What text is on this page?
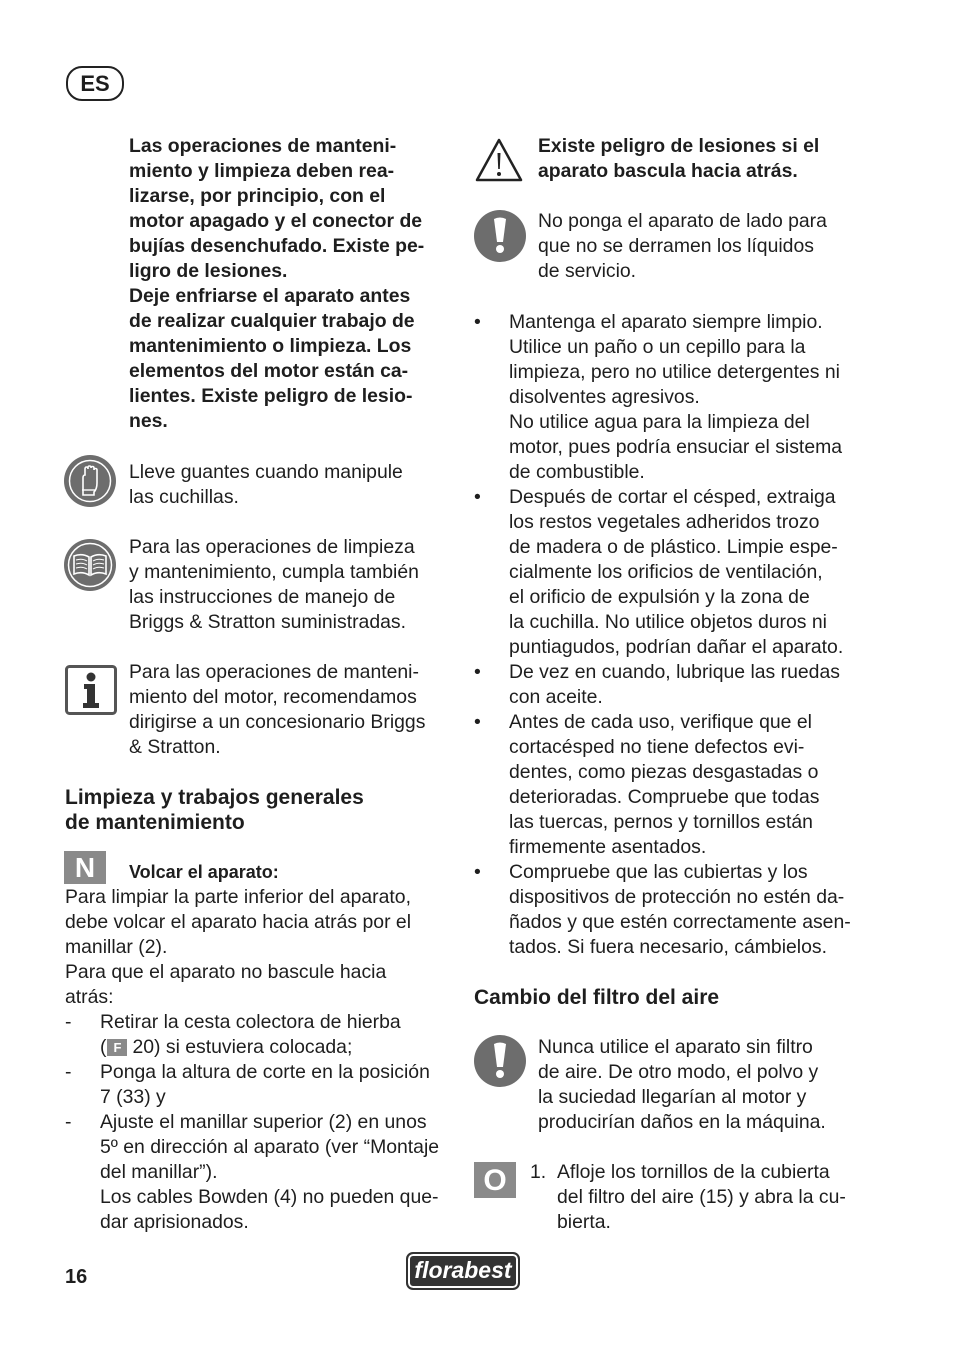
ES
Las operaciones de manteni-
miento y limpieza deben rea-
lizarse, por principio, con el
motor apagado y el conector de
bujías desenchufado. Existe pe-
ligro de lesiones.
Deje enfriarse el aparato antes
de realizar cualquier trabajo de
mantenimiento o limpieza. Los
elementos del motor están ca-
lientes. Existe peligro de lesio-
nes.
Lleve guantes cuando manipule
las cuchillas.
Para las operaciones de limpieza
y mantenimiento, cumpla también
las instrucciones de manejo de
Briggs & Stratton suministradas.
Para las operaciones de manteni-
miento del motor, recomendamos
dirigirse a un concesionario Briggs
& Stratton.
Limpieza y trabajos generales
de mantenimiento
N	Volcar el aparato:
Para limpiar la parte inferior del aparato,
debe volcar el aparato hacia atrás por el
manillar (2).
Para que el aparato no bascule hacia
atrás:
- Retirar la cesta colectora de hierba
( F 20) si estuviera colocada;
- Ponga la altura de corte en la posición
7 (33) y
- Ajuste el manillar superior (2) en unos
5º en dirección al aparato (ver “Montaje
del manillar”).
Los cables Bowden (4) no pueden que-
dar aprisionados.
Existe peligro de lesiones si el
aparato bascula hacia atrás.
No ponga el aparato de lado para
que no se derramen los líquidos
de servicio.
• Mantenga el aparato siempre limpio.
Utilice un paño o un cepillo para la
limpieza, pero no utilice detergentes ni
disolventes agresivos.
No utilice agua para la limpieza del
motor, pues podría ensuciar el sistema
de combustible.
• Después de cortar el césped, extraiga
los restos vegetales adheridos trozo
de madera o de plástico. Limpie espe-
cialmente los orificios de ventilación,
el orificio de expulsión y la zona de
la cuchilla. No utilice objetos duros ni
puntiagudos, podrían dañar el aparato.
• De vez en cuando, lubrique las ruedas
con aceite.
• Antes de cada uso, verifique que el
cortacésped no tiene defectos evi-
dentes, como piezas desgastadas o
deterioradas. Compruebe que todas
las tuercas, pernos y tornillos están
firmemente asentados.
• Compruebe que las cubiertas y los
dispositivos de protección no estén da-
ñados y que estén correctamente asen-
tados. Si fuera necesario, cámbielos.
Cambio del filtro del aire
Nunca utilice el aparato sin filtro
de aire. De otro modo, el polvo y
la suciedad llegarían al motor y
producirían daños en la máquina.
O	1. Afloje los tornillos de la cubierta
del filtro del aire (15) y abra la cu-
bierta.
16	florabest
